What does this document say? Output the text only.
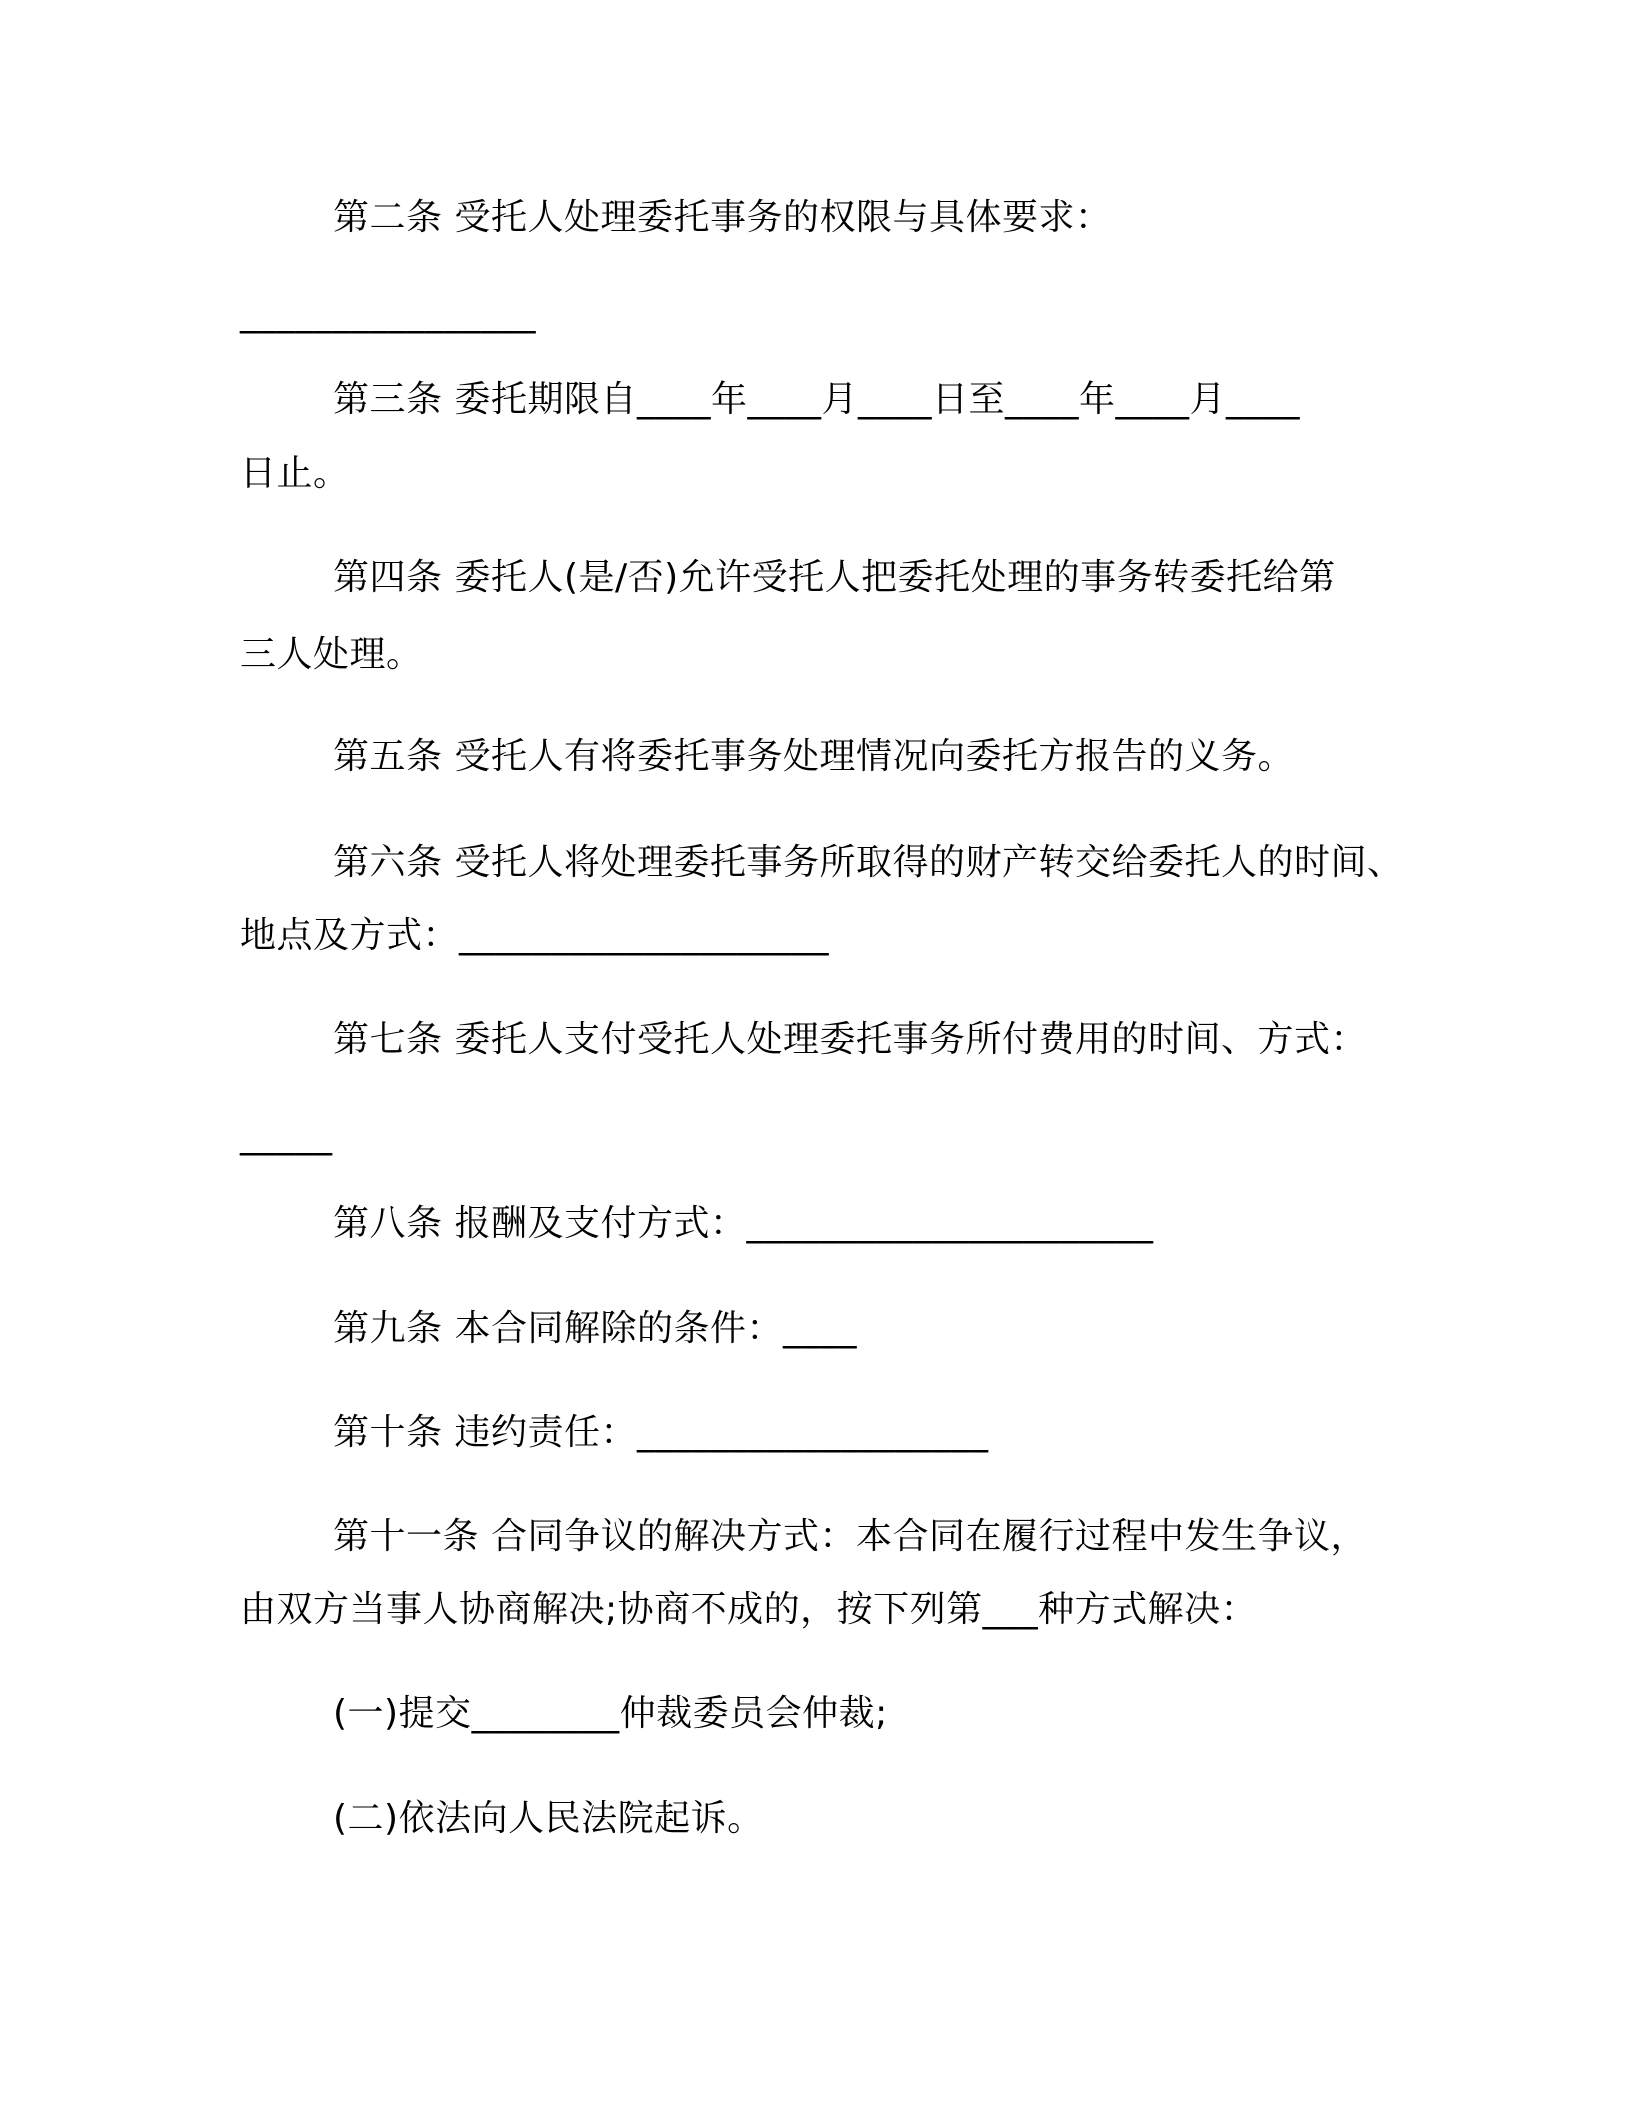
第二条 受托人处理委托事务的权限与具体要求：
________________
第三条 委托期限自____年____月____日至____年____月____
日止。
第四条 委托人(是/否)允许受托人把委托处理的事务转委托给第
三人处理。
第五条 受托人有将委托事务处理情况向委托方报告的义务。
第六条 受托人将处理委托事务所取得的财产转交给委托人的时间、
地点及方式：____________________
第七条 委托人支付受托人处理委托事务所付费用的时间、方式：
_____
第八条 报酬及支付方式：______________________
第九条 本合同解除的条件：____
第十条 违约责任：___________________
第十一条 合同争议的解决方式：本合同在履行过程中发生争议，
由双方当事人协商解决;协商不成的，按下列第___种方式解决：
(一)提交________仲裁委员会仲裁;
(二)依法向人民法院起诉。
